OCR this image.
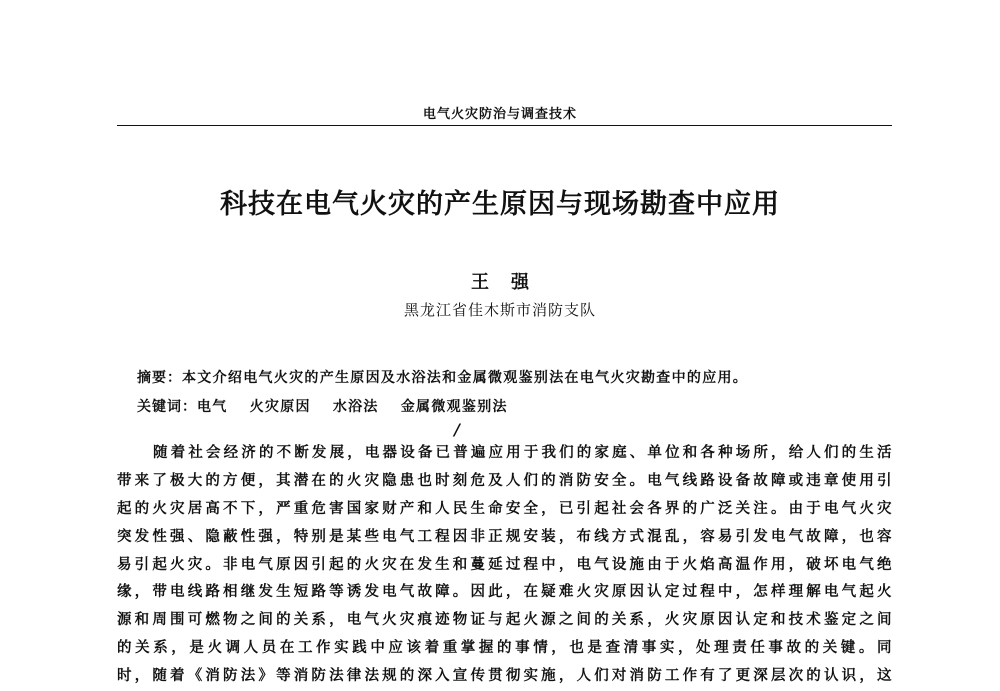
电气火灾防治与调查技术
科技在电气火灾的产生原因与现场勘查中应用
王强
黑龙江省佳木斯市消防支队
摘要：本文介绍电气火灾的产生原因及水浴法和金属微观鉴别法在电气火灾勘查中的应用。
关键词：电气 火灾原因 水浴法 金属微观鉴别法
/
随着社会经济的不断发展，电器设备已普遍应用于我们的家庭、单位和各种场所，给人们的生活
带来了极大的方便，其潜在的火灾隐患也时刻危及人们的消防安全。电气线路设备故障或违章使用引
起的火灾居高不下，严重危害国家财产和人民生命安全，已引起社会各界的广泛关注。由于电气火灾
突发性强、隐蔽性强，特别是某些电气工程因非正规安装，布线方式混乱，容易引发电气故障，也容
易引起火灾。非电气原因引起的火灾在发生和蔓延过程中，电气设施由于火焰高温作用，破坏电气绝
缘，带电线路相继发生短路等诱发电气故障。因此，在疑难火灾原因认定过程中，怎样理解电气起火
源和周围可燃物之间的关系，电气火灾痕迹物证与起火源之间的关系，火灾原因认定和技术鉴定之间
的关系，是火调人员在工作实践中应该着重掌握的事情，也是查清事实，处理责任事故的关键。同
时，随着《消防法》等消防法律法规的深入宣传贯彻实施，人们对消防工作有了更深层次的认识，这
